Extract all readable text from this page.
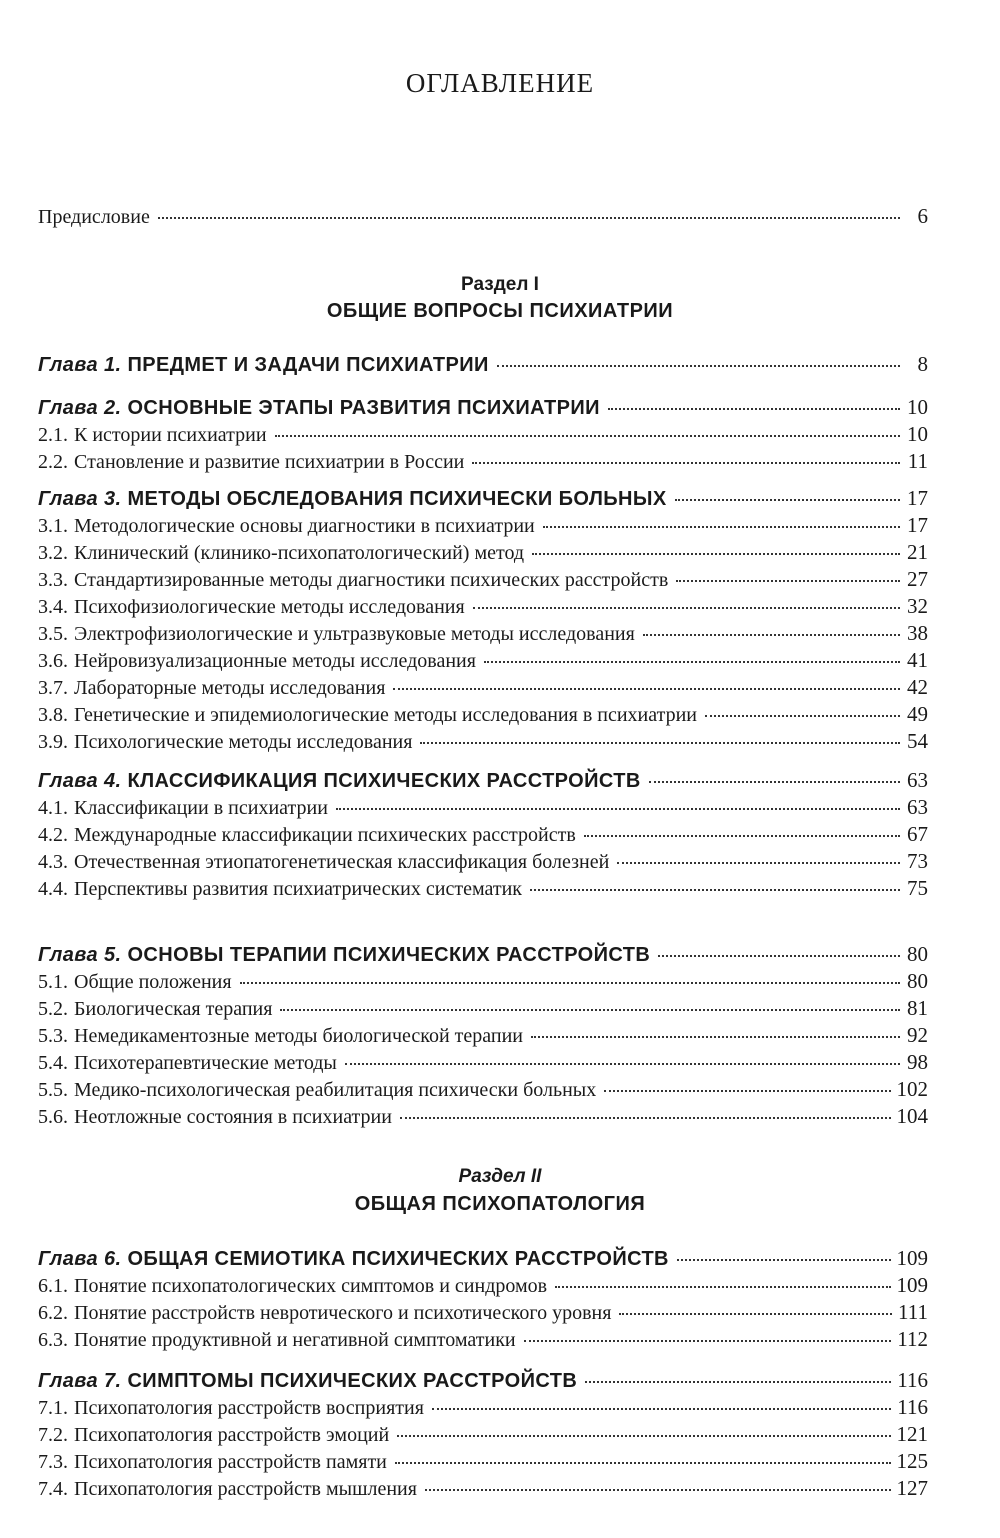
ОГЛАВЛЕНИЕ
Предисловие	6
Раздел I
ОБЩИЕ ВОПРОСЫ ПСИХИАТРИИ
Глава 1. ПРЕДМЕТ И ЗАДАЧИ ПСИХИАТРИИ	8
Глава 2. ОСНОВНЫЕ ЭТАПЫ РАЗВИТИЯ ПСИХИАТРИИ	10
2.1. К истории психиатрии	10
2.2. Становление и развитие психиатрии в России	11
Глава 3. МЕТОДЫ ОБСЛЕДОВАНИЯ ПСИХИЧЕСКИ БОЛЬНЫХ	17
3.1. Методологические основы диагностики в психиатрии	17
3.2. Клинический (клинико-психопатологический) метод	21
3.3. Стандартизированные методы диагностики психических расстройств	27
3.4. Психофизиологические методы исследования	32
3.5. Электрофизиологические и ультразвуковые методы исследования	38
3.6. Нейровизуализационные методы исследования	41
3.7. Лабораторные методы исследования	42
3.8. Генетические и эпидемиологические методы исследования в психиатрии	49
3.9. Психологические методы исследования	54
Глава 4. КЛАССИФИКАЦИЯ ПСИХИЧЕСКИХ РАССТРОЙСТВ	63
4.1. Классификации в психиатрии	63
4.2. Международные классификации психических расстройств	67
4.3. Отечественная этиопатогенетическая классификация болезней	73
4.4. Перспективы развития психиатрических систематик	75
Глава 5. ОСНОВЫ ТЕРАПИИ ПСИХИЧЕСКИХ РАССТРОЙСТВ	80
5.1. Общие положения	80
5.2. Биологическая терапия	81
5.3. Немедикаментозные методы биологической терапии	92
5.4. Психотерапевтические методы	98
5.5. Медико-психологическая реабилитация психически больных	102
5.6. Неотложные состояния в психиатрии	104
Раздел II
ОБЩАЯ ПСИХОПАТОЛОГИЯ
Глава 6. ОБЩАЯ СЕМИОТИКА ПСИХИЧЕСКИХ РАССТРОЙСТВ	109
6.1. Понятие психопатологических симптомов и синдромов	109
6.2. Понятие расстройств невротического и психотического уровня	111
6.3. Понятие продуктивной и негативной симптоматики	112
Глава 7. СИМПТОМЫ ПСИХИЧЕСКИХ РАССТРОЙСТВ	116
7.1. Психопатология расстройств восприятия	116
7.2. Психопатология расстройств эмоций	121
7.3. Психопатология расстройств памяти	125
7.4. Психопатология расстройств мышления	127
